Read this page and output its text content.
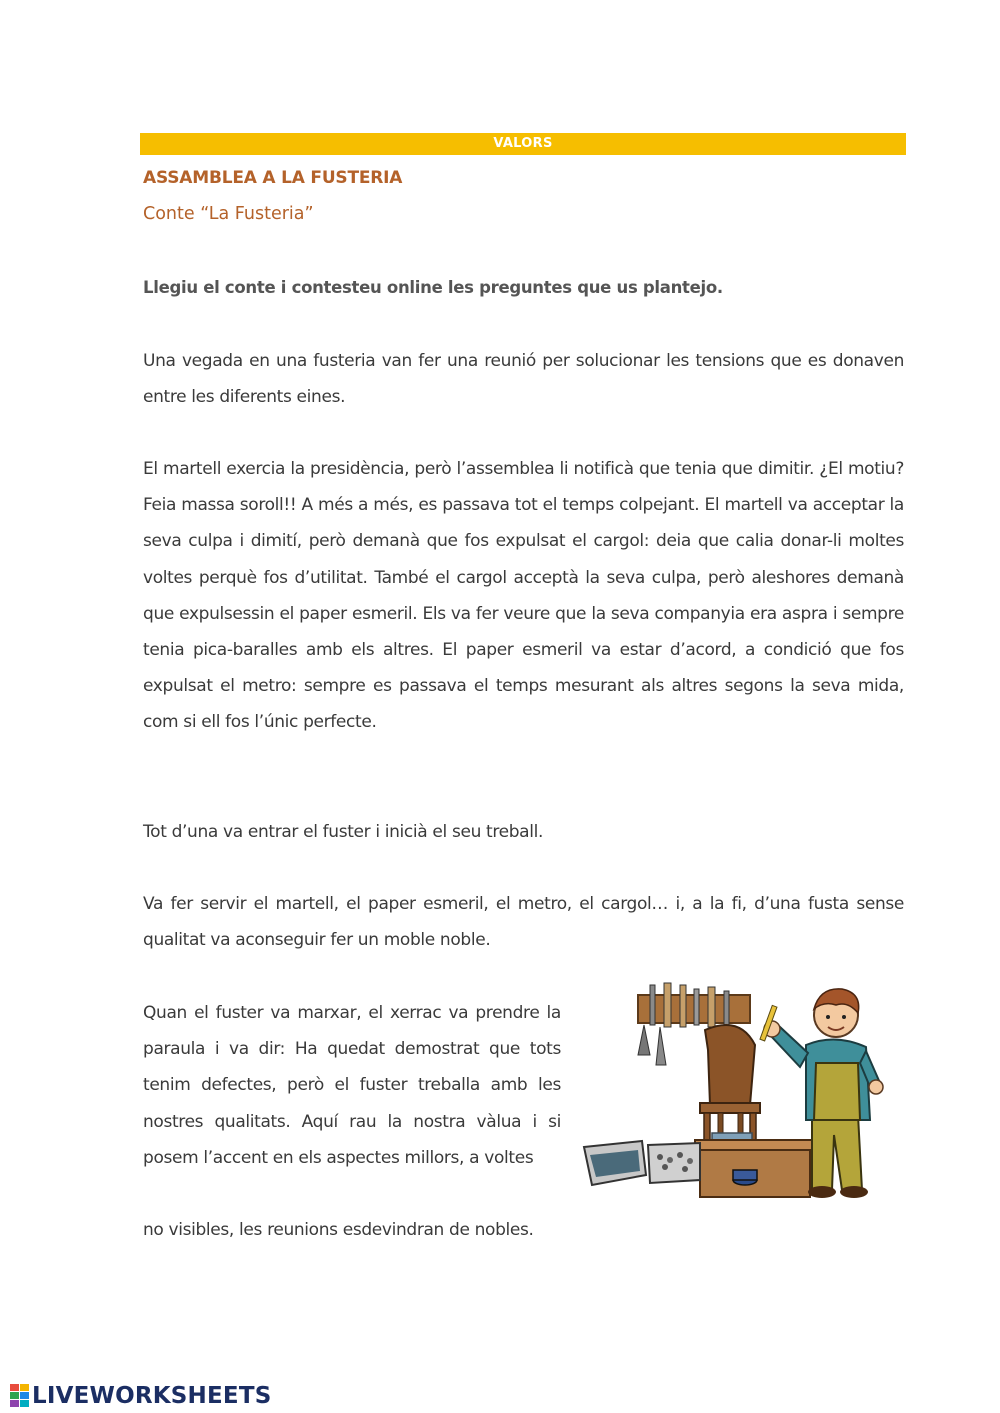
VALORS
ASSAMBLEA A LA FUSTERIA
Conte “La Fusteria”
Llegiu el conte i contesteu online les preguntes que us plantejo.

Una vegada en una fusteria van fer una reunió per solucionar les tensions que es donaven entre les diferents eines.

El martell exercia la presidència, però l’assemblea li notificà que tenia que dimitir. ¿El motiu? Feia massa soroll!! A més a més, es passava tot el temps colpejant. El martell va acceptar la seva culpa i dimití, però demanà que fos expulsat el cargol: deia que calia donar-li moltes voltes perquè fos d’utilitat. També el cargol acceptà la seva culpa, però aleshores demanà que expulsessin el paper esmeril. Els va fer veure que la seva companyia era aspra i sempre tenia pica-baralles amb els altres. El paper esmeril va estar d’acord, a condició que fos expulsat el metro: sempre es passava el temps mesurant als altres segons la seva mida, com si ell fos l’únic perfecte.

Tot d’una va entrar el fuster i inicià el seu treball.

Va fer servir el martell, el paper esmeril, el metro, el cargol… i, a la fi, d’una fusta sense qualitat va aconseguir fer un moble noble.

Quan el fuster va marxar, el xerrac va prendre la paraula i va dir: Ha quedat demostrat que tots tenim defectes, però el fuster treballa amb les nostres qualitats. Aquí rau la nostra vàlua i si posem l’accent en els aspectes millors, a voltes

no visibles, les reunions esdevindran de nobles.
LIVEWORKSHEETS
